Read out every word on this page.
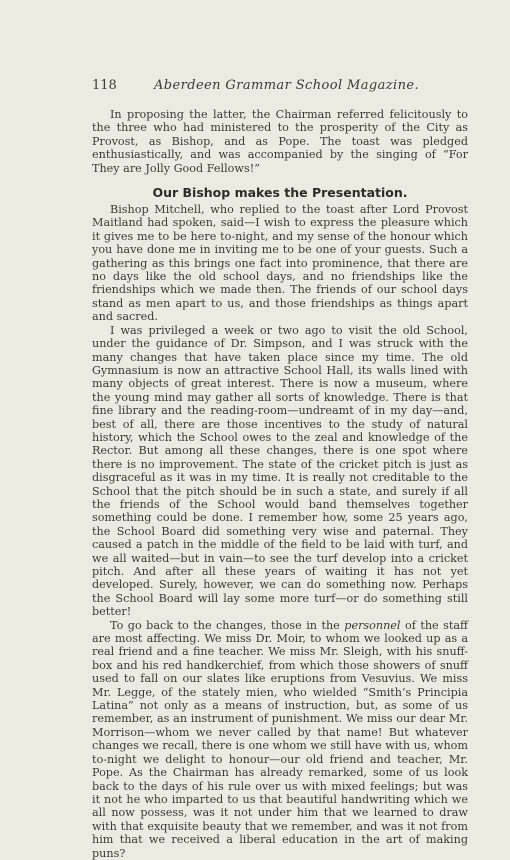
118	Aberdeen Grammar School Magazine.

In proposing the latter, the Chairman referred felicitously to the three who had ministered to the prosperity of the City as Provost, as Bishop, and as Pope. The toast was pledged enthusiastically, and was accompanied by the singing of “For They are Jolly Good Fellows!”

Our Bishop makes the Presentation.

Bishop Mitchell, who replied to the toast after Lord Provost Maitland had spoken, said—I wish to express the pleasure which it gives me to be here to-night, and my sense of the honour which you have done me in inviting me to be one of your guests. Such a gathering as this brings one fact into prominence, that there are no days like the old school days, and no friendships like the friendships which we made then. The friends of our school days stand as men apart to us, and those friendships as things apart and sacred.

I was privileged a week or two ago to visit the old School, under the guidance of Dr. Simpson, and I was struck with the many changes that have taken place since my time. The old Gymnasium is now an attractive School Hall, its walls lined with many objects of great interest. There is now a museum, where the young mind may gather all sorts of knowledge. There is that fine library and the reading-room—undreamt of in my day—and, best of all, there are those incentives to the study of natural history, which the School owes to the zeal and knowledge of the Rector. But among all these changes, there is one spot where there is no improvement. The state of the cricket pitch is just as disgraceful as it was in my time. It is really not creditable to the School that the pitch should be in such a state, and surely if all the friends of the School would band themselves together something could be done. I remember how, some 25 years ago, the School Board did something very wise and paternal. They caused a patch in the middle of the field to be laid with turf, and we all waited—but in vain—to see the turf develop into a cricket pitch. And after all these years of waiting it has not yet developed. Surely, however, we can do something now. Perhaps the School Board will lay some more turf—or do something still better!

To go back to the changes, those in the personnel of the staff are most affecting. We miss Dr. Moir, to whom we looked up as a real friend and a fine teacher. We miss Mr. Sleigh, with his snuff-box and his red handkerchief, from which those showers of snuff used to fall on our slates like eruptions from Vesuvius. We miss Mr. Legge, of the stately mien, who wielded “Smith’s Principia Latina” not only as a means of instruction, but, as some of us remember, as an instrument of punishment. We miss our dear Mr. Morrison—whom we never called by that name! But whatever changes we recall, there is one whom we still have with us, whom to-night we delight to honour—our old friend and teacher, Mr. Pope. As the Chairman has already remarked, some of us look back to the days of his rule over us with mixed feelings; but was it not he who imparted to us that beautiful handwriting which we all now possess, was it not under him that we learned to draw with that exquisite beauty that we remember, and was it not from him that we received a liberal education in the art of making puns?
